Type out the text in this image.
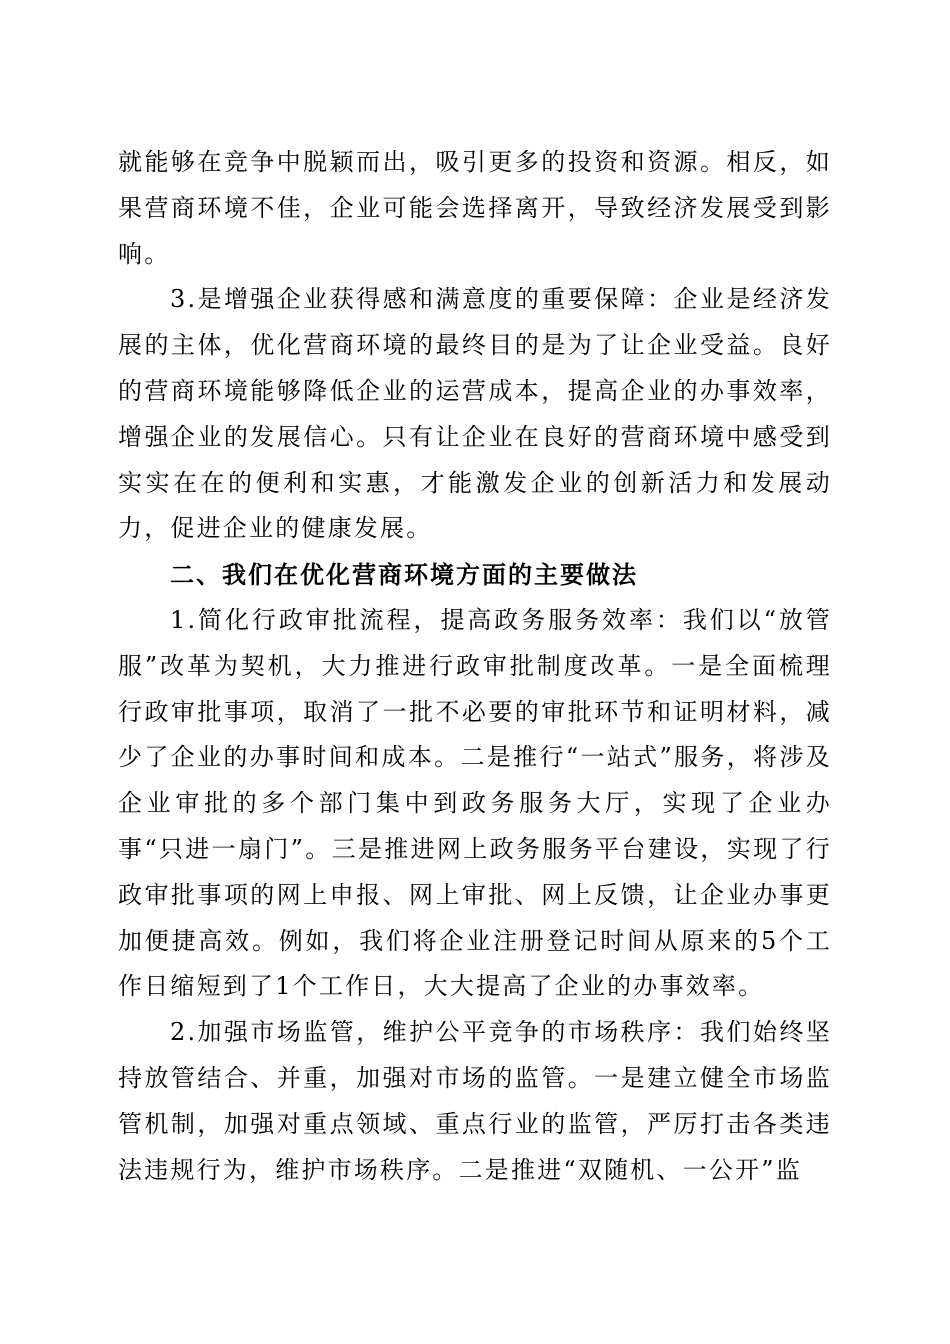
就能够在竞争中脱颖而出，吸引更多的投资和资源。相反，如果营商环境不佳，企业可能会选择离开，导致经济发展受到影响。

3.是增强企业获得感和满意度的重要保障：企业是经济发展的主体，优化营商环境的最终目的是为了让企业受益。良好的营商环境能够降低企业的运营成本，提高企业的办事效率，增强企业的发展信心。只有让企业在良好的营商环境中感受到实实在在的便利和实惠，才能激发企业的创新活力和发展动力，促进企业的健康发展。

二、我们在优化营商环境方面的主要做法

1.简化行政审批流程，提高政务服务效率：我们以“放管服”改革为契机，大力推进行政审批制度改革。一是全面梳理行政审批事项，取消了一批不必要的审批环节和证明材料，减少了企业的办事时间和成本。二是推行“一站式”服务，将涉及企业审批的多个部门集中到政务服务大厅，实现了企业办事“只进一扇门”。三是推进网上政务服务平台建设，实现了行政审批事项的网上申报、网上审批、网上反馈，让企业办事更加便捷高效。例如，我们将企业注册登记时间从原来的5个工作日缩短到了1个工作日，大大提高了企业的办事效率。

2.加强市场监管，维护公平竞争的市场秩序：我们始终坚持放管结合、并重，加强对市场的监管。一是建立健全市场监管机制，加强对重点领域、重点行业的监管，严厉打击各类违法违规行为，维护市场秩序。二是推进“双随机、一公开”监
